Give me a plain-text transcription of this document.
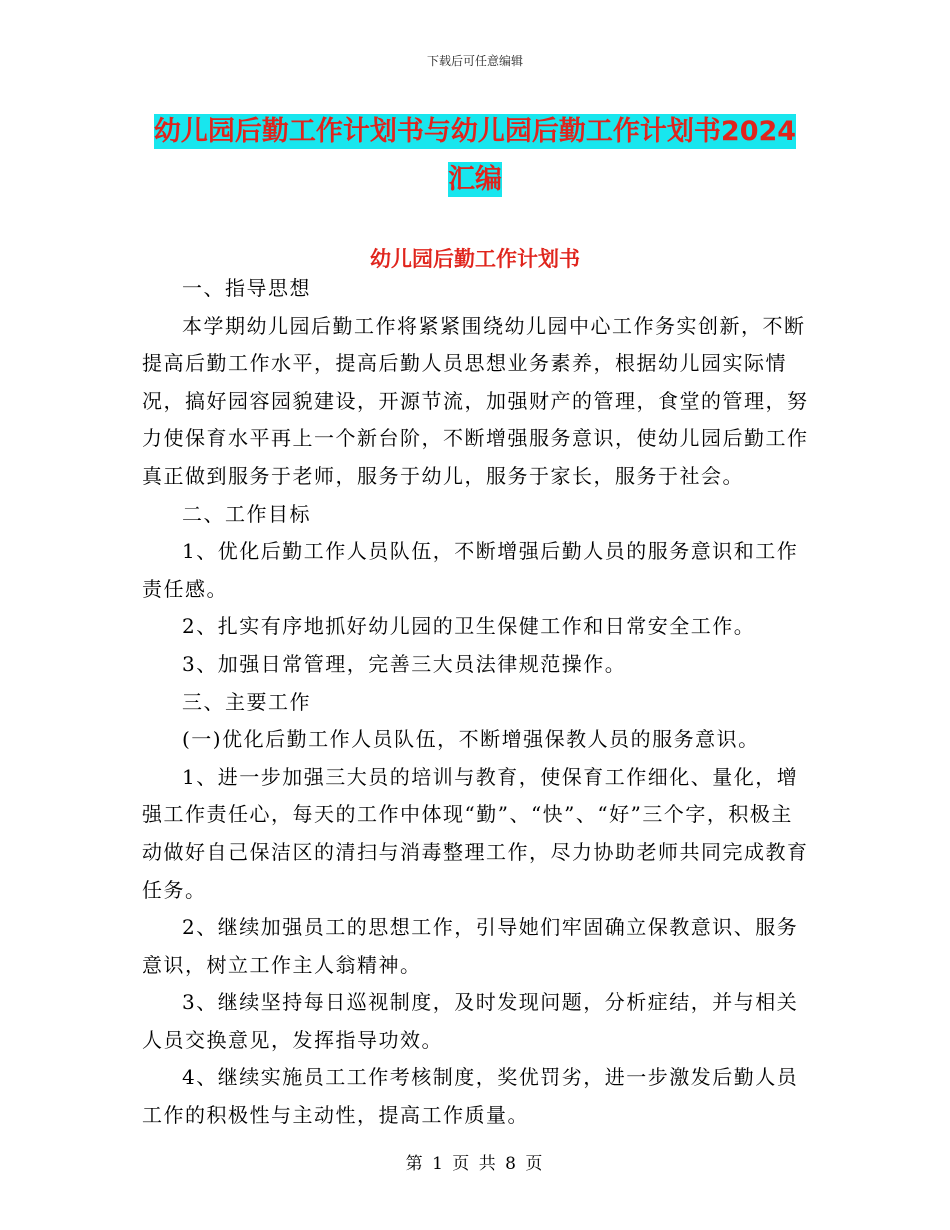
下载后可任意编辑
幼儿园后勤工作计划书与幼儿园后勤工作计划书2024
汇编
幼儿园后勤工作计划书

一、指导思想

本学期幼儿园后勤工作将紧紧围绕幼儿园中心工作务实创新，不断提高后勤工作水平，提高后勤人员思想业务素养，根据幼儿园实际情况，搞好园容园貌建设，开源节流，加强财产的管理，食堂的管理，努力使保育水平再上一个新台阶，不断增强服务意识，使幼儿园后勤工作真正做到服务于老师，服务于幼儿，服务于家长，服务于社会。

二、工作目标

1、优化后勤工作人员队伍，不断增强后勤人员的服务意识和工作责任感。

2、扎实有序地抓好幼儿园的卫生保健工作和日常安全工作。

3、加强日常管理，完善三大员法律规范操作。

三、主要工作

(一)优化后勤工作人员队伍，不断增强保教人员的服务意识。

1、进一步加强三大员的培训与教育，使保育工作细化、量化，增强工作责任心，每天的工作中体现“勤”、“快”、“好”三个字，积极主动做好自己保洁区的清扫与消毒整理工作，尽力协助老师共同完成教育任务。

2、继续加强员工的思想工作，引导她们牢固确立保教意识、服务意识，树立工作主人翁精神。

3、继续坚持每日巡视制度，及时发现问题，分析症结，并与相关人员交换意见，发挥指导功效。

4、继续实施员工工作考核制度，奖优罚劣，进一步激发后勤人员工作的积极性与主动性，提高工作质量。

第 1 页 共 8 页
